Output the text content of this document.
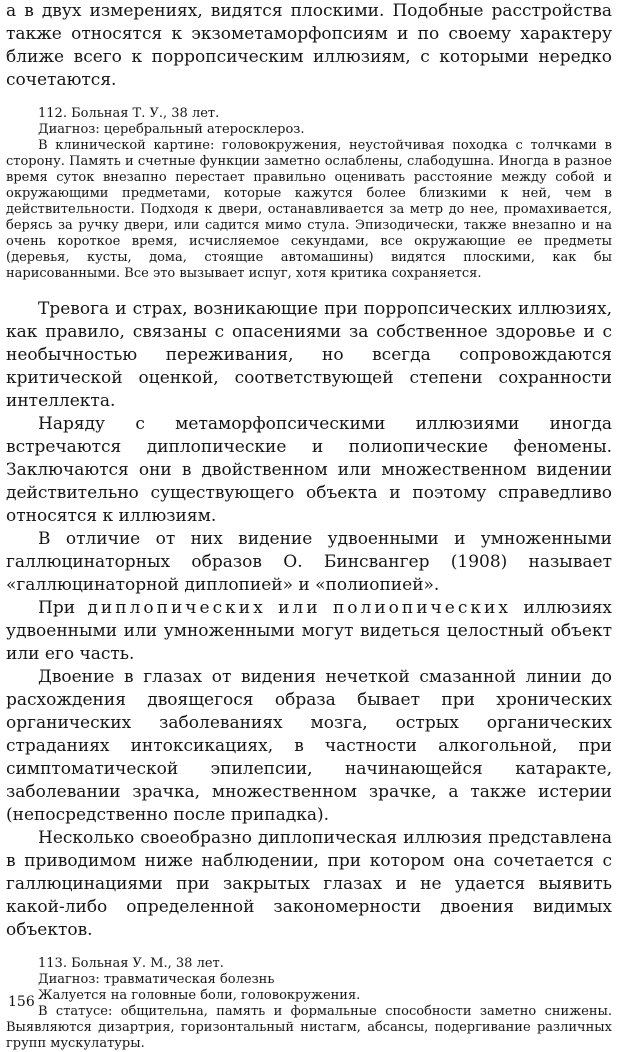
а в двух измерениях, видятся плоскими. Подобные расстройства также относятся к экзометаморфопсиям и по своему характеру ближе всего к порропсическим иллюзиям, с которыми нередко сочетаются.

112. Больная Т. У., 38 лет.

Диагноз: церебральный атеросклероз.

В клинической картине: головокружения, неустойчивая походка с толчками в сторону. Память и счетные функции заметно ослаблены, слабодушна. Иногда в разное время суток внезапно перестает правильно оценивать расстояние между собой и окружающими предметами, которые кажутся более близкими к ней, чем в действительности. Подходя к двери, останавливается за метр до нее, промахивается, берясь за ручку двери, или садится мимо стула. Эпизодически, также внезапно и на очень короткое время, исчисляемое секундами, все окружающие ее предметы (деревья, кусты, дома, стоящие автомашины) видятся плоскими, как бы нарисованными. Все это вызывает испуг, хотя критика сохраняется.

Тревога и страх, возникающие при порропсических иллюзиях, как правило, связаны с опасениями за собственное здоровье и с необычностью переживания, но всегда сопровождаются критической оценкой, соответствующей степени сохранности интеллекта.

Наряду с метаморфопсическими иллюзиями иногда встречаются диплопические и полиопические феномены. Заключаются они в двойственном или множественном видении действительно существующего объекта и поэтому справедливо относятся к иллюзиям.

В отличие от них видение удвоенными и умноженными галлюцинаторных образов О. Бинсвангер (1908) называет «галлюцинаторной диплопией» и «полиопией».

При диплопических или полиопических иллюзиях удвоенными или умноженными могут видеться целостный объект или его часть.

Двоение в глазах от видения нечеткой смазанной линии до расхождения двоящегося образа бывает при хронических органических заболеваниях мозга, острых органических страданиях интоксикациях, в частности алкогольной, при симптоматической эпилепсии, начинающейся катаракте, заболевании зрачка, множественном зрачке, а также истерии (непосредственно после припадка).

Несколько своеобразно диплопическая иллюзия представлена в приводимом ниже наблюдении, при котором она сочетается с галлюцинациями при закрытых глазах и не удается выявить какой-либо определенной закономерности двоения видимых объектов.

113. Больная У. М., 38 лет.

Диагноз: травматическая болезнь

Жалуется на головные боли, головокружения.

В статусе: общительна, память и формальные способности заметно снижены. Выявляются дизартрия, горизонтальный нистагм, абсансы, подергивание различных групп мускулатуры.

156
